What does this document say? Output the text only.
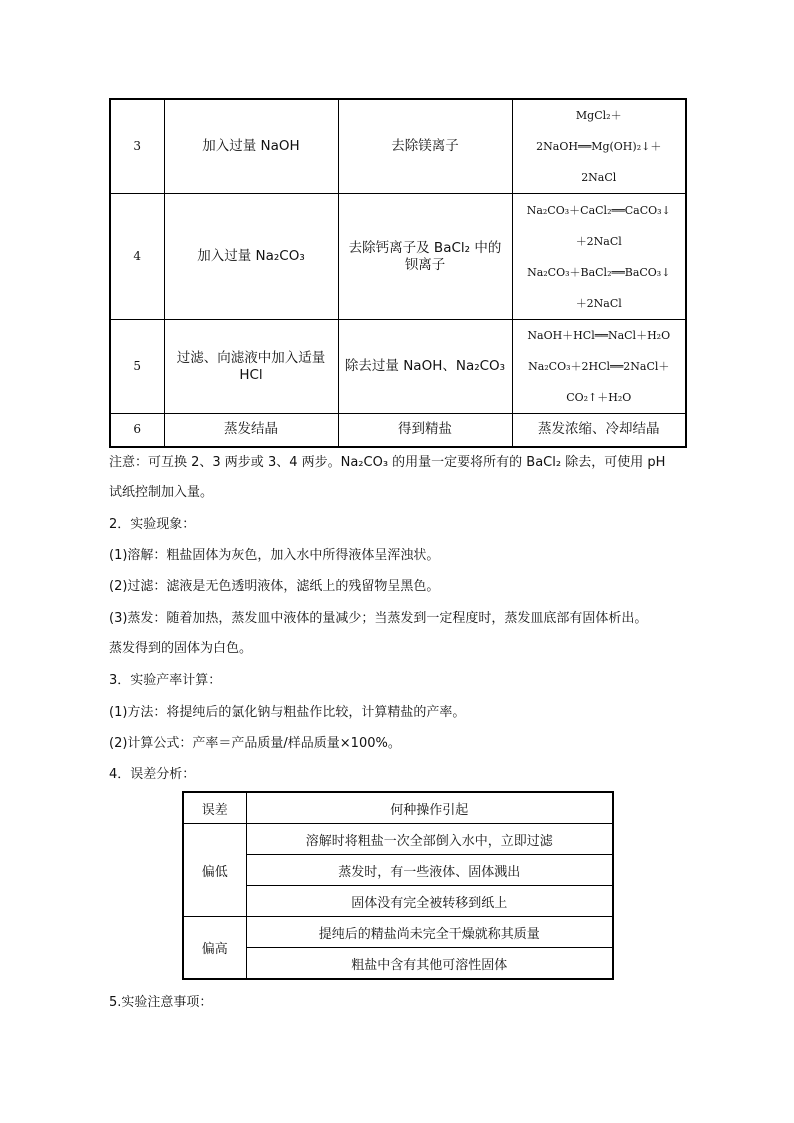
3	加入过量 NaOH	去除镁离子	MgCl₂＋
2NaOH══Mg(OH)₂↓＋
2NaCl

4	加入过量 Na₂CO₃	去除钙离子及 BaCl₂ 中的
钡离子	Na₂CO₃＋CaCl₂══CaCO₃↓
＋2NaCl
Na₂CO₃＋BaCl₂══BaCO₃↓
＋2NaCl

5	过滤、向滤液中加入适量
HCl	除去过量 NaOH、Na₂CO₃	NaOH＋HCl══NaCl＋H₂O
Na₂CO₃＋2HCl══2NaCl＋
CO₂↑＋H₂O

6	蒸发结晶	得到精盐	蒸发浓缩、冷却结晶
注意：可互换 2、3 两步或 3、4 两步。Na₂CO₃ 的用量一定要将所有的 BaCl₂ 除去，可使用 pH
试纸控制加入量。
2．实验现象：
(1)溶解：粗盐固体为灰色，加入水中所得液体呈浑浊状。
(2)过滤：滤液是无色透明液体，滤纸上的残留物呈黑色。
(3)蒸发：随着加热，蒸发皿中液体的量减少；当蒸发到一定程度时，蒸发皿底部有固体析出。
蒸发得到的固体为白色。
3．实验产率计算：
(1)方法：将提纯后的氯化钠与粗盐作比较，计算精盐的产率。
(2)计算公式：产率＝产品质量/样品质量×100%。
4．误差分析：
误差	何种操作引起
偏低	溶解时将粗盐一次全部倒入水中，立即过滤
	蒸发时，有一些液体、固体溅出
	固体没有完全被转移到纸上
偏高	提纯后的精盐尚未完全干燥就称其质量
	粗盐中含有其他可溶性固体
5.实验注意事项：
